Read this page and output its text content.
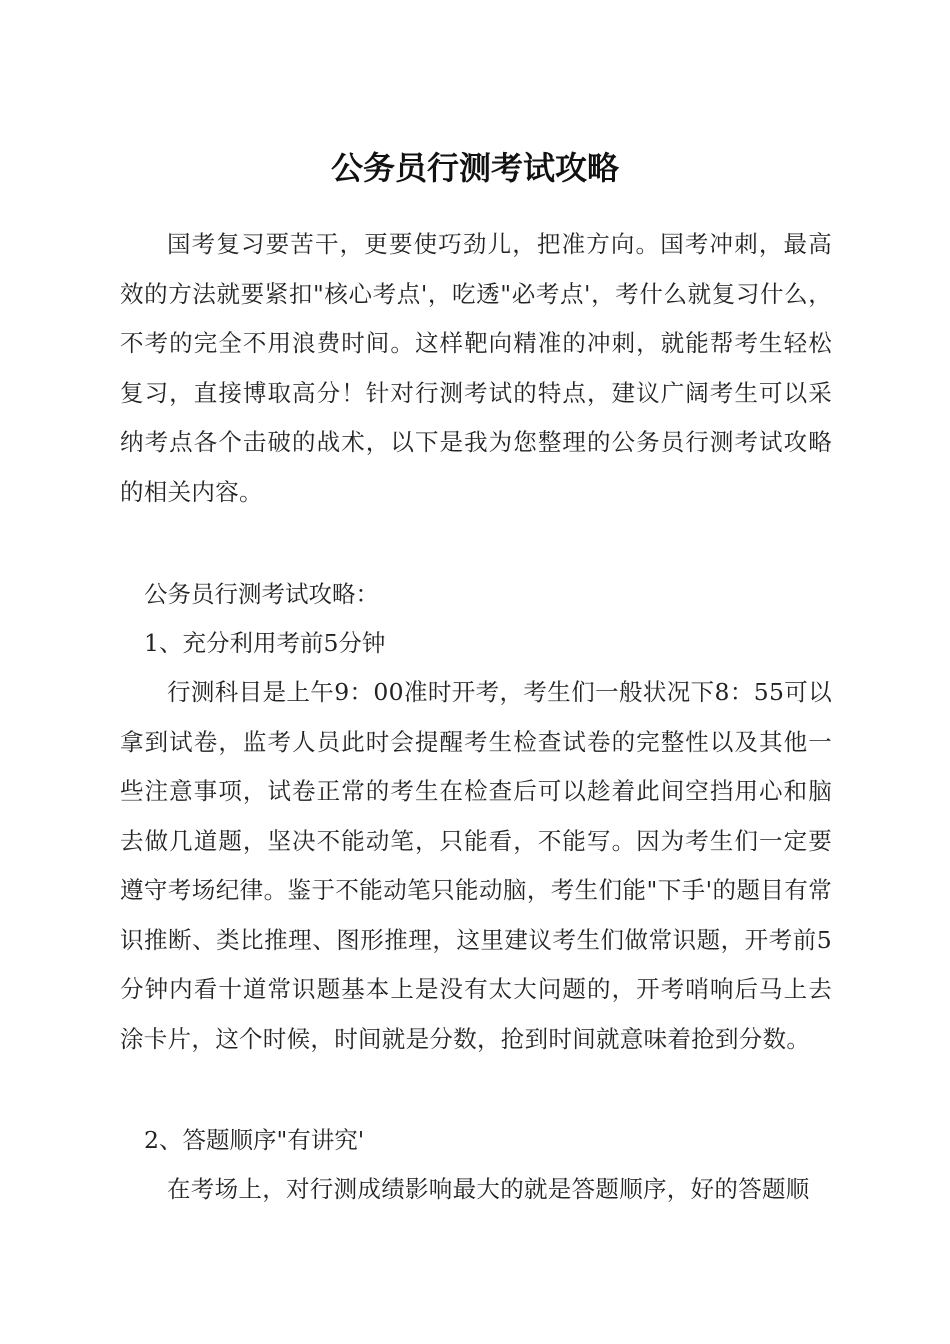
公务员行测考试攻略
国考复习要苦干，更要使巧劲儿，把准方向。国考冲刺，最高效的方法就要紧扣"核心考点'，吃透"必考点'，考什么就复习什么，不考的完全不用浪费时间。这样靶向精准的冲刺，就能帮考生轻松复习，直接博取高分！针对行测考试的特点，建议广阔考生可以采纳考点各个击破的战术，以下是我为您整理的公务员行测考试攻略的相关内容。
公务员行测考试攻略：
1、充分利用考前5分钟
行测科目是上午9：00准时开考，考生们一般状况下8：55可以拿到试卷，监考人员此时会提醒考生检查试卷的完整性以及其他一些注意事项，试卷正常的考生在检查后可以趁着此间空挡用心和脑去做几道题，坚决不能动笔，只能看，不能写。因为考生们一定要遵守考场纪律。鉴于不能动笔只能动脑，考生们能"下手'的题目有常识推断、类比推理、图形推理，这里建议考生们做常识题，开考前5分钟内看十道常识题基本上是没有太大问题的，开考哨响后马上去涂卡片，这个时候，时间就是分数，抢到时间就意味着抢到分数。
2、答题顺序"有讲究'
在考场上，对行测成绩影响最大的就是答题顺序，好的答题顺
